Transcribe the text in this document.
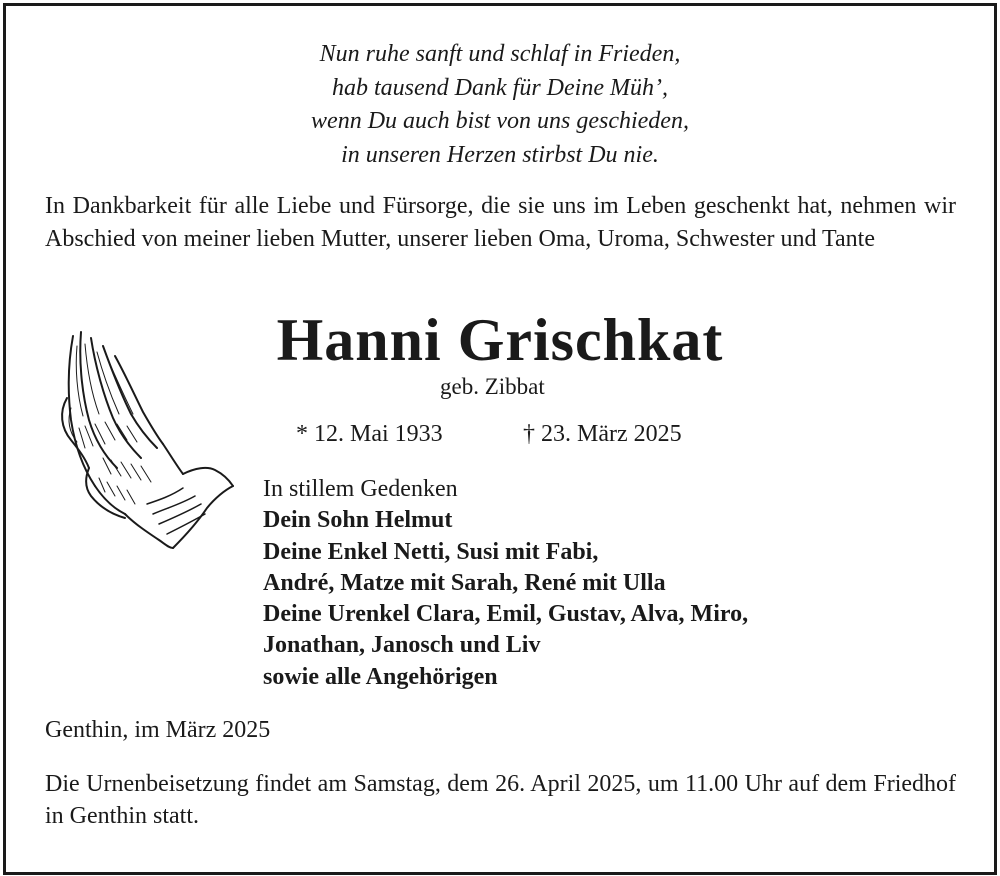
Nun ruhe sanft und schlaf in Frieden,
hab tausend Dank für Deine Müh’,
wenn Du auch bist von uns geschieden,
in unseren Herzen stirbst Du nie.
In Dankbarkeit für alle Liebe und Fürsorge, die sie uns im Leben geschenkt hat, nehmen wir Abschied von meiner lieben Mutter, unserer lieben Oma, Uroma, Schwester und Tante
Hanni Grischkat
geb. Zibbat
* 12. Mai 1933	† 23. März 2025
In stillem Gedenken
Dein Sohn Helmut
Deine Enkel Netti, Susi mit Fabi,
André, Matze mit Sarah, René mit Ulla
Deine Urenkel Clara, Emil, Gustav, Alva, Miro,
Jonathan, Janosch und Liv
sowie alle Angehörigen
Genthin, im März 2025
Die Urnenbeisetzung findet am Samstag, dem 26. April 2025, um 11.00 Uhr auf dem Friedhof in Genthin statt.
